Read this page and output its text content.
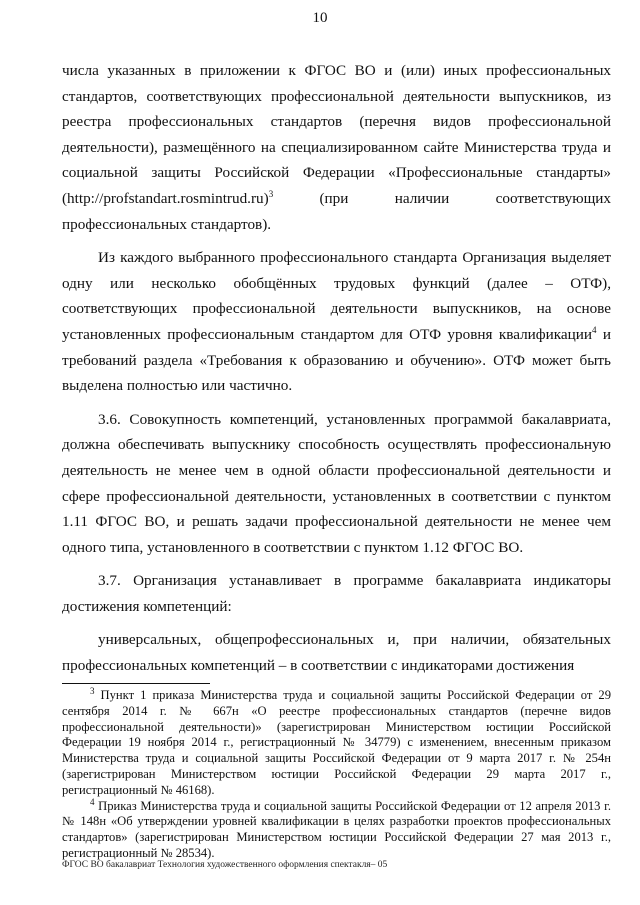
10

числа указанных в приложении к ФГОС ВО и (или) иных профессиональных стандартов, соответствующих профессиональной деятельности выпускников, из реестра профессиональных стандартов (перечня видов профессиональной деятельности), размещённого на специализированном сайте Министерства труда и социальной защиты Российской Федерации «Профессиональные стандарты» (http://profstandart.rosmintrud.ru)$^3$ (при наличии соответствующих профессиональных стандартов).

Из каждого выбранного профессионального стандарта Организация выделяет одну или несколько обобщённых трудовых функций (далее – ОТФ), соответствующих профессиональной деятельности выпускников, на основе установленных профессиональным стандартом для ОТФ уровня квалификации$^4$ и требований раздела «Требования к образованию и обучению». ОТФ может быть выделена полностью или частично.

3.6. Совокупность компетенций, установленных программой бакалавриата, должна обеспечивать выпускнику способность осуществлять профессиональную деятельность не менее чем в одной области профессиональной деятельности и сфере профессиональной деятельности, установленных в соответствии с пунктом 1.11 ФГОС ВО, и решать задачи профессиональной деятельности не менее чем одного типа, установленного в соответствии с пунктом 1.12 ФГОС ВО.

3.7. Организация устанавливает в программе бакалавриата индикаторы достижения компетенций:

универсальных, общепрофессиональных и, при наличии, обязательных профессиональных компетенций – в соответствии с индикаторами достижения

$^3$ Пункт 1 приказа Министерства труда и социальной защиты Российской Федерации от 29 сентября 2014 г. № 667н «О реестре профессиональных стандартов (перечне видов профессиональной деятельности)» (зарегистрирован Министерством юстиции Российской Федерации 19 ноября 2014 г., регистрационный № 34779) с изменением, внесенным приказом Министерства труда и социальной защиты Российской Федерации от 9 марта 2017 г. № 254н (зарегистрирован Министерством юстиции Российской Федерации 29 марта 2017 г., регистрационный № 46168).

$^4$ Приказ Министерства труда и социальной защиты Российской Федерации от 12 апреля 2013 г. № 148н «Об утверждении уровней квалификации в целях разработки проектов профессиональных стандартов» (зарегистрирован Министерством юстиции Российской Федерации 27 мая 2013 г., регистрационный № 28534).

ФГОС ВО бакалавриат Технология художественного оформления спектакля– 05
